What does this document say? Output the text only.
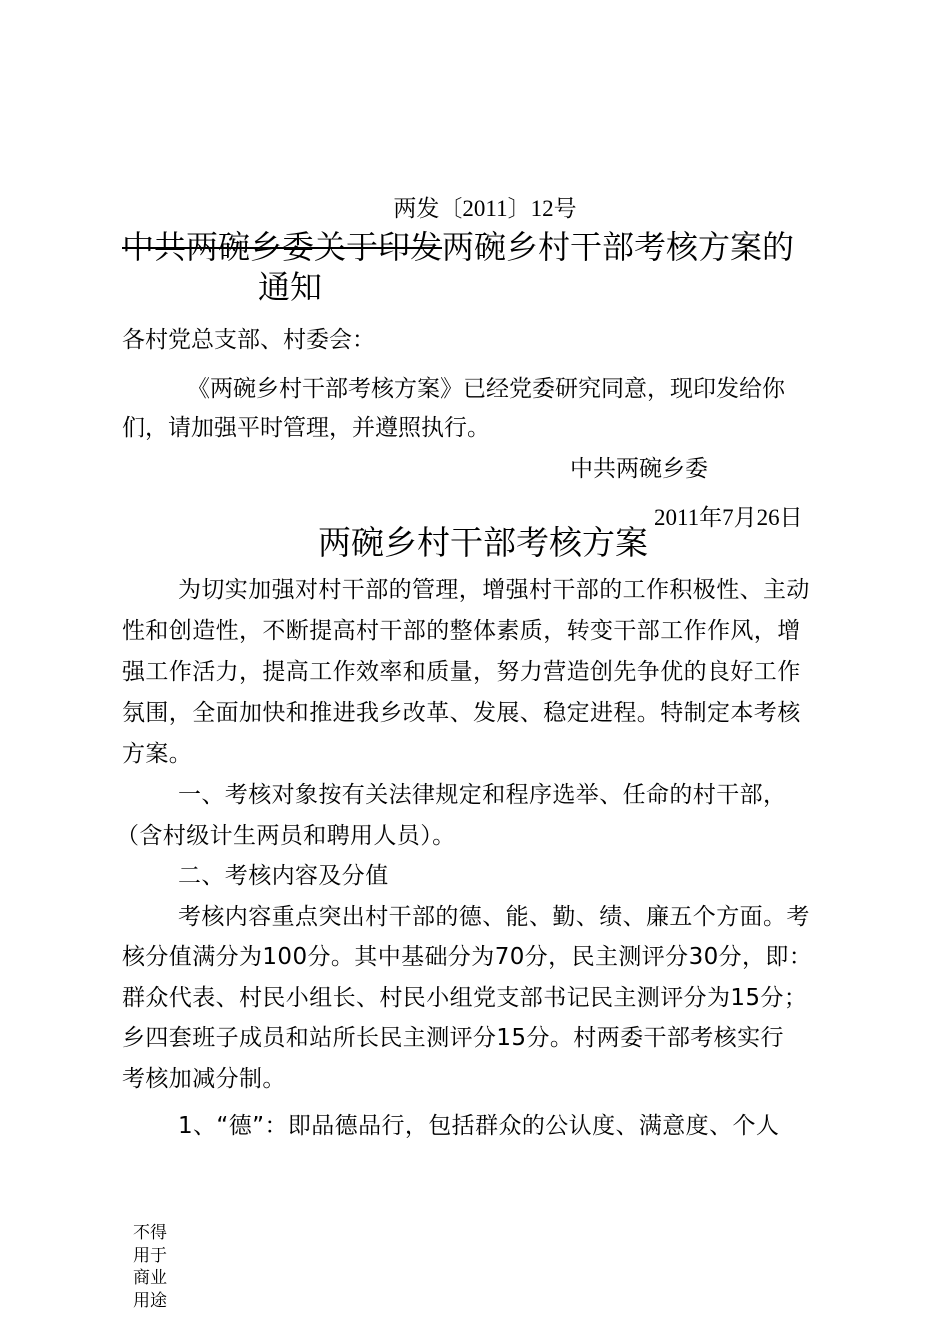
两发〔2011〕12号
中共两碗乡委关于印发两碗乡村干部考核方案的
通知
各村党总支部、村委会：
《两碗乡村干部考核方案》已经党委研究同意，现印发给你
们，请加强平时管理，并遵照执行。
中共两碗乡委
2011年7月26日
两碗乡村干部考核方案
为切实加强对村干部的管理，增强村干部的工作积极性、主动
性和创造性，不断提高村干部的整体素质，转变干部工作作风，增
强工作活力，提高工作效率和质量，努力营造创先争优的良好工作
氛围，全面加快和推进我乡改革、发展、稳定进程。特制定本考核
方案。
一、考核对象按有关法律规定和程序选举、任命的村干部，
（含村级计生两员和聘用人员）。
二、考核内容及分值
考核内容重点突出村干部的德、能、勤、绩、廉五个方面。考
核分值满分为100分。其中基础分为70分，民主测评分30分，即：
群众代表、村民小组长、村民小组党支部书记民主测评分为15分；
乡四套班子成员和站所长民主测评分15分。村两委干部考核实行
考核加减分制。
1、“德”：即品德品行，包括群众的公认度、满意度、个人
不得用于商业用途
